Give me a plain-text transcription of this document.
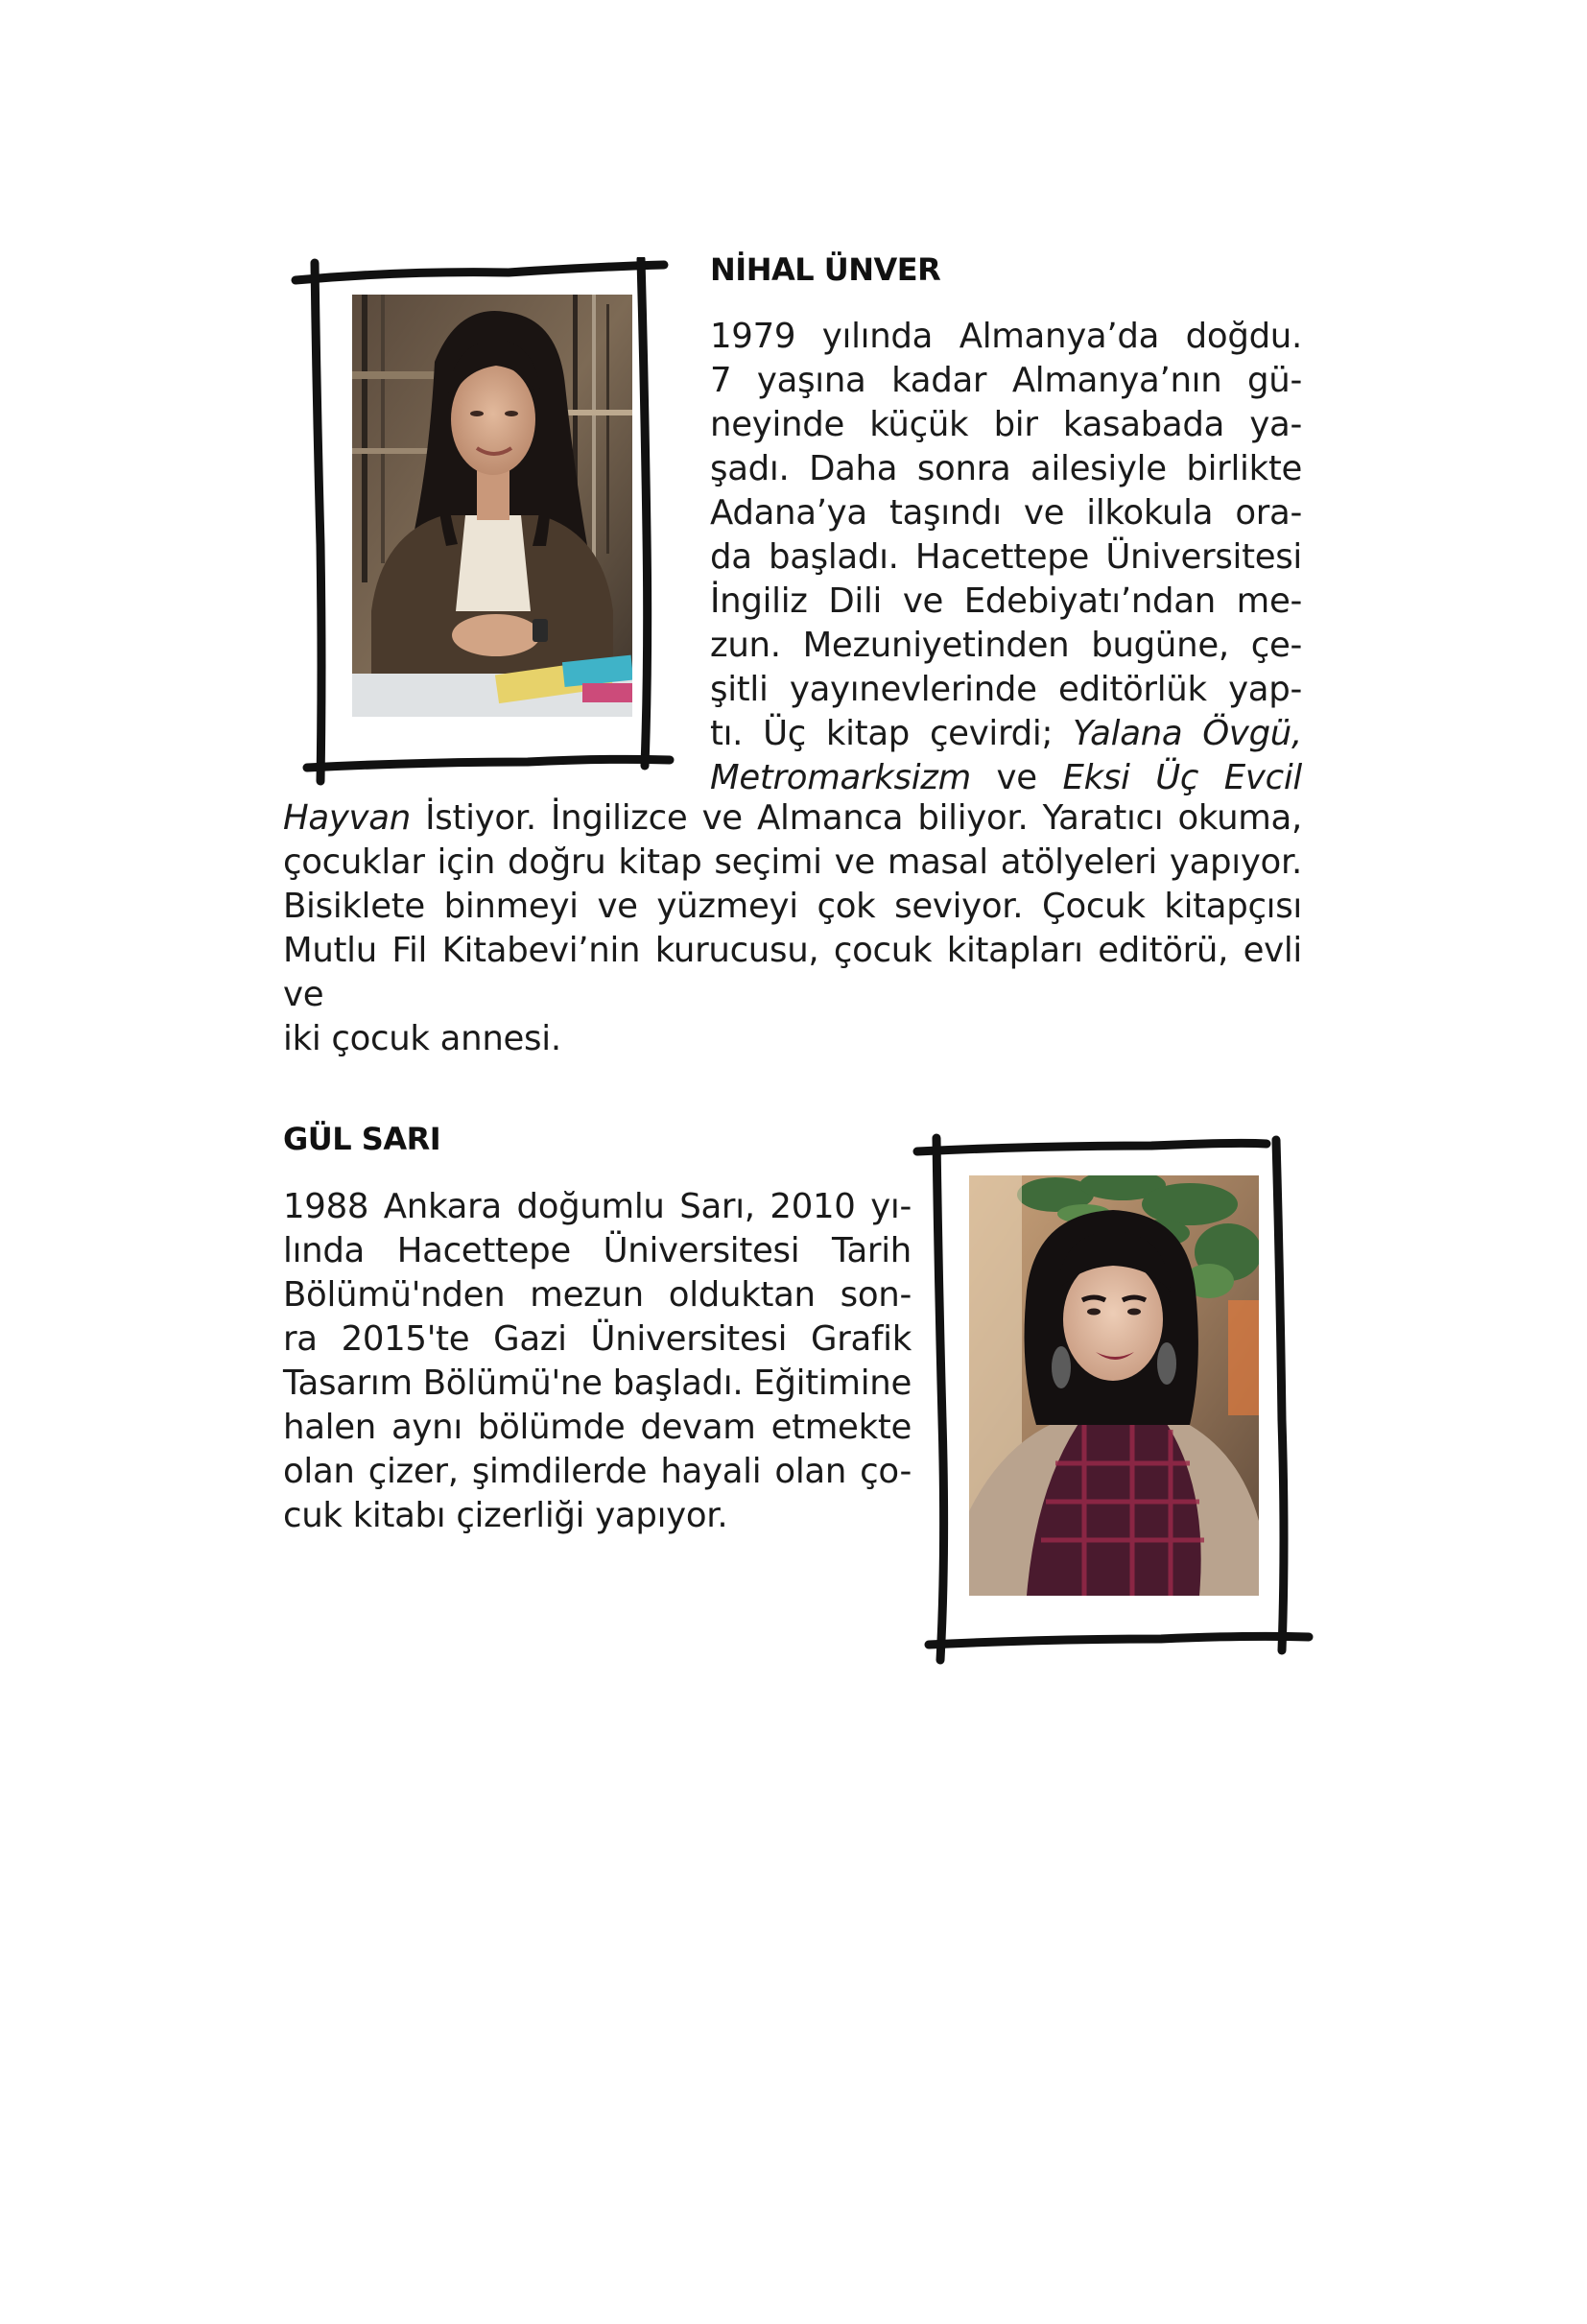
NİHAL ÜNVER
1979 yılında Almanya’da doğdu.
7 yaşına kadar Almanya’nın gü-
neyinde küçük bir kasabada ya-
şadı. Daha sonra ailesiyle birlikte
Adana’ya taşındı ve ilkokula ora-
da başladı. Hacettepe Üniversitesi
İngiliz Dili ve Edebiyatı’ndan me-
zun. Mezuniyetinden bugüne, çe-
şitli yayınevlerinde editörlük yap-
tı. Üç kitap çevirdi; Yalana Övgü,
Metromarksizm ve Eksi Üç Evcil
Hayvan İstiyor. İngilizce ve Almanca biliyor. Yaratıcı okuma,
çocuklar için doğru kitap seçimi ve masal atölyeleri yapıyor.
Bisiklete binmeyi ve yüzmeyi çok seviyor. Çocuk kitapçısı
Mutlu Fil Kitabevi’nin kurucusu, çocuk kitapları editörü, evli ve
iki çocuk annesi.
GÜL SARI
1988 Ankara doğumlu Sarı, 2010 yı-
lında Hacettepe Üniversitesi Tarih
Bölümü'nden mezun olduktan son-
ra 2015'te Gazi Üniversitesi Grafik
Tasarım Bölümü'ne başladı. Eğitimine
halen aynı bölümde devam etmekte
olan çizer, şimdilerde hayali olan ço-
cuk kitabı çizerliği yapıyor.
